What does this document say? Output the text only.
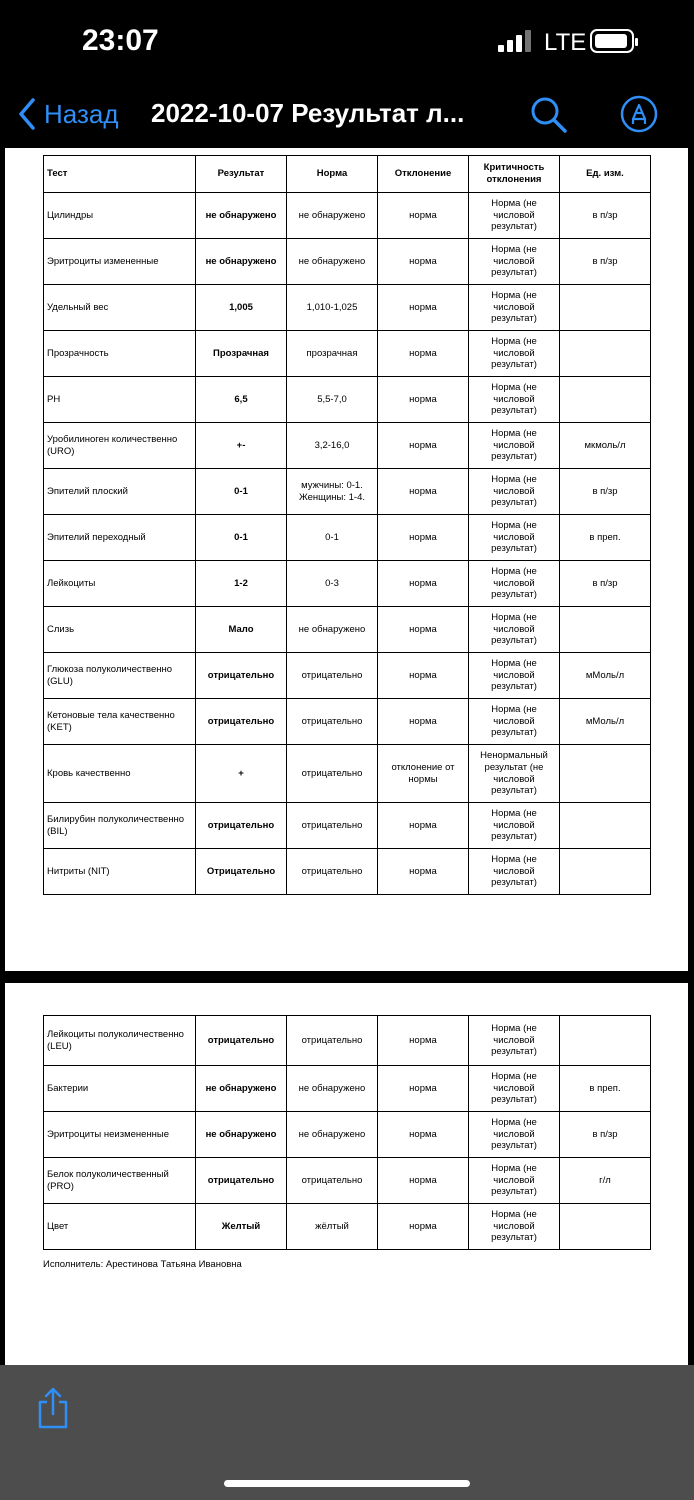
23:07	LTE
Назад 2022-10-07 Результат л...
Тест	Результат	Норма	Отклонение	Критичность отклонения	Ед. изм.
Цилиндры	не обнаружено	не обнаружено	норма	Норма (не числовой результат)	в п/зр
Эритроциты измененные	не обнаружено	не обнаружено	норма	Норма (не числовой результат)	в п/зр
Удельный вес	1,005	1,010-1,025	норма	Норма (не числовой результат)	
Прозрачность	Прозрачная	прозрачная	норма	Норма (не числовой результат)	
PH	6,5	5,5-7,0	норма	Норма (не числовой результат)	
Уробилиноген количественно (URO)	+-	3,2-16,0	норма	Норма (не числовой результат)	мкмоль/л
Эпителий плоский	0-1	мужчины: 0-1. Женщины: 1-4.	норма	Норма (не числовой результат)	в п/зр
Эпителий переходный	0-1	0-1	норма	Норма (не числовой результат)	в преп.
Лейкоциты	1-2	0-3	норма	Норма (не числовой результат)	в п/зр
Слизь	Мало	не обнаружено	норма	Норма (не числовой результат)	
Глюкоза полуколичественно (GLU)	отрицательно	отрицательно	норма	Норма (не числовой результат)	мМоль/л
Кетоновые тела качественно (KET)	отрицательно	отрицательно	норма	Норма (не числовой результат)	мМоль/л
Кровь качественно	+	отрицательно	отклонение от нормы	Ненормальный результат (не числовой результат)	
Билирубин полуколичественно (BIL)	отрицательно	отрицательно	норма	Норма (не числовой результат)	
Нитриты (NIT)	Отрицательно	отрицательно	норма	Норма (не числовой результат)	
Лейкоциты полуколичественно (LEU)	отрицательно	отрицательно	норма	Норма (не числовой результат)	
Бактерии	не обнаружено	не обнаружено	норма	Норма (не числовой результат)	в преп.
Эритроциты неизмененные	не обнаружено	не обнаружено	норма	Норма (не числовой результат)	в п/зр
Белок полуколичественный (PRO)	отрицательно	отрицательно	норма	Норма (не числовой результат)	г/л
Цвет	Желтый	жёлтый	норма	Норма (не числовой результат)	
Исполнитель: Арестинова Татьяна Ивановна
